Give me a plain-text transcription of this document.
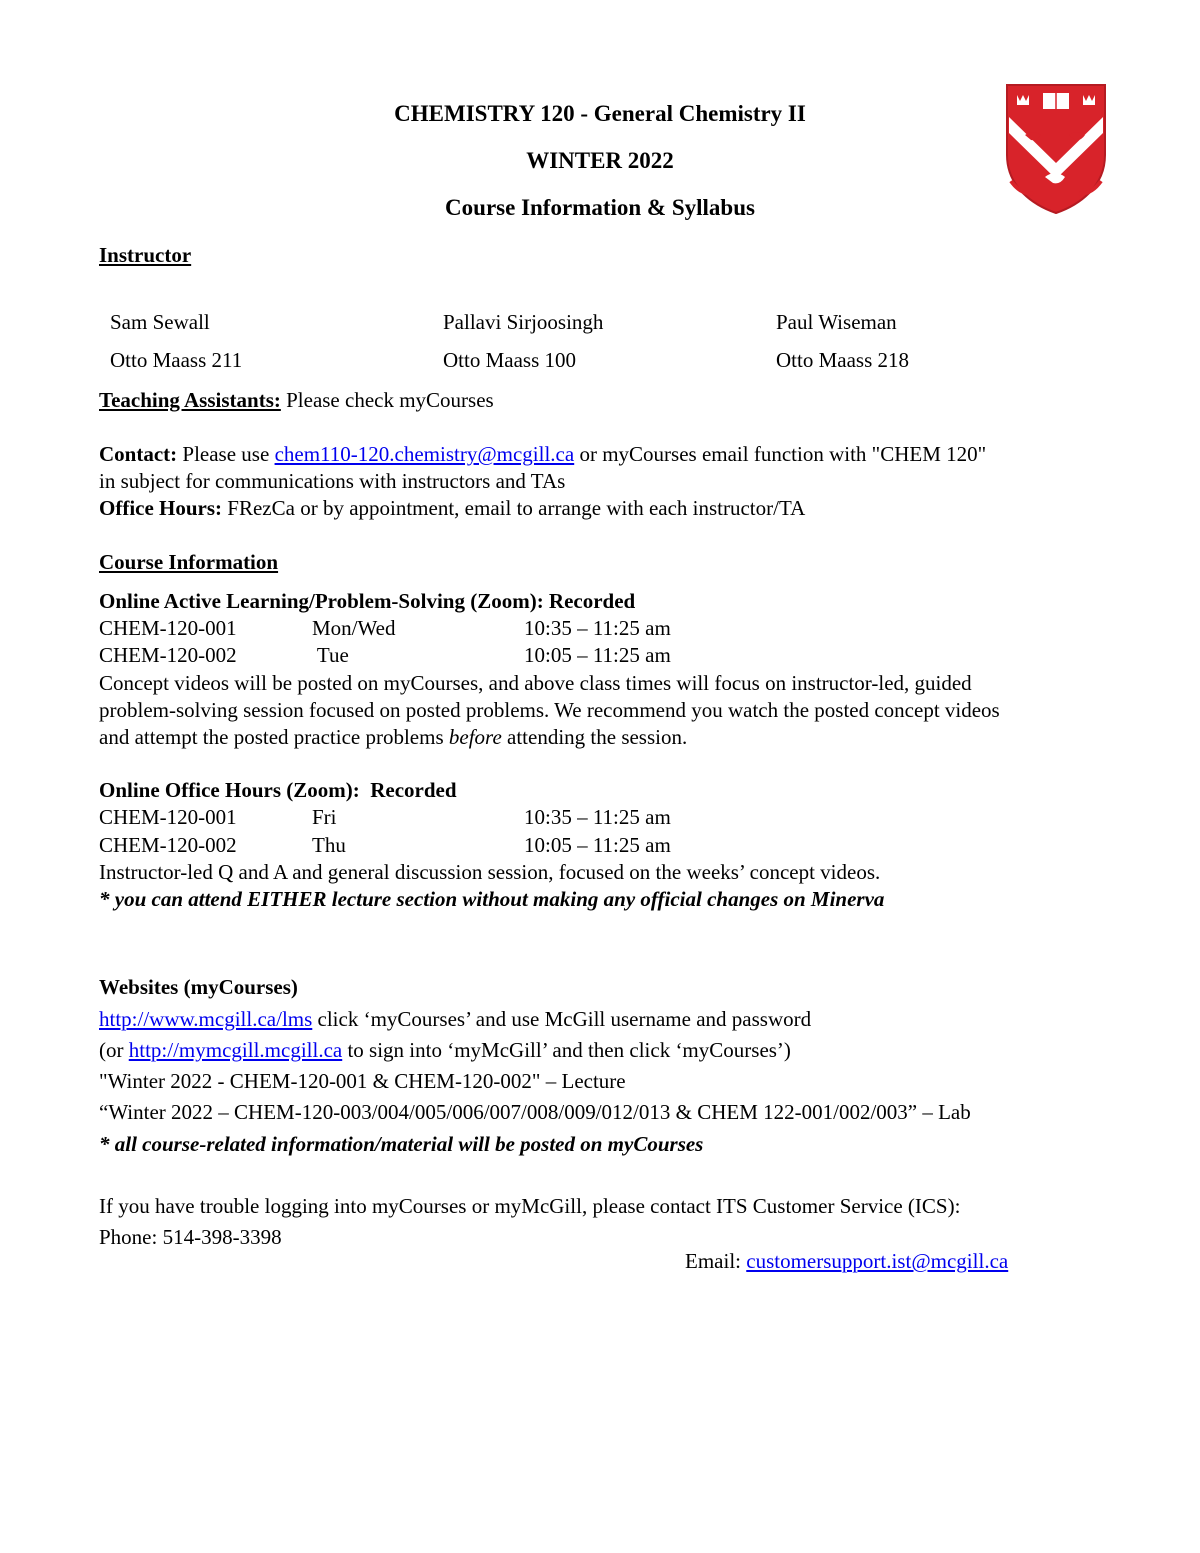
CHEMISTRY 120 - General Chemistry II
WINTER 2022
Course Information & Syllabus
Instructor
Sam Sewall	Pallavi Sirjoosingh	Paul Wiseman
Otto Maass 211	Otto Maass 100	Otto Maass 218
Teaching Assistants: Please check myCourses
Contact: Please use chem110-120.chemistry@mcgill.ca or myCourses email function with "CHEM 120"
in subject for communications with instructors and TAs
Office Hours: FRezCa or by appointment, email to arrange with each instructor/TA
Course Information
Online Active Learning/Problem-Solving (Zoom): Recorded
CHEM-120-001	Mon/Wed	10:35 – 11:25 am
CHEM-120-002	Tue	10:05 – 11:25 am
Concept videos will be posted on myCourses, and above class times will focus on instructor-led, guided
problem-solving session focused on posted problems. We recommend you watch the posted concept videos
and attempt the posted practice problems before attending the session.
Online Office Hours (Zoom):  Recorded
CHEM-120-001	Fri	10:35 – 11:25 am
CHEM-120-002	Thu	10:05 – 11:25 am
Instructor-led Q and A and general discussion session, focused on the weeks’ concept videos.
* you can attend EITHER lecture section without making any official changes on Minerva
Websites (myCourses)
http://www.mcgill.ca/lms click ‘myCourses’ and use McGill username and password
(or http://mymcgill.mcgill.ca to sign into ‘myMcGill’ and then click ‘myCourses’)
"Winter 2022 - CHEM-120-001 & CHEM-120-002" – Lecture
“Winter 2022 – CHEM-120-003/004/005/006/007/008/009/012/013 & CHEM 122-001/002/003” – Lab
* all course-related information/material will be posted on myCourses
If you have trouble logging into myCourses or myMcGill, please contact ITS Customer Service (ICS):
Phone: 514-398-3398

Email: customersupport.ist@mcgill.ca
